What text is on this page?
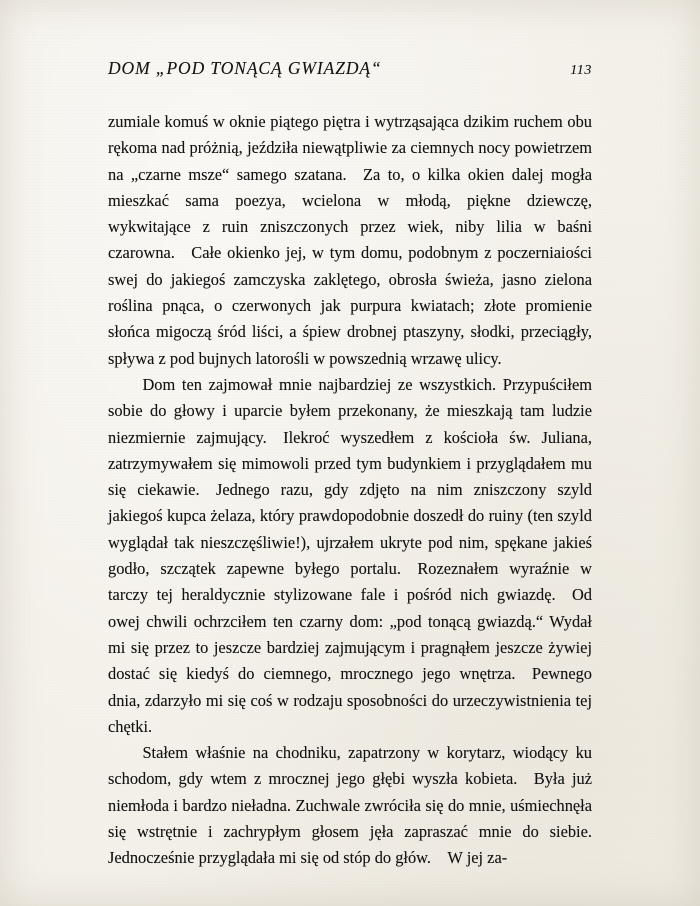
DOM „POD TONĄCĄ GWIAZDĄ“	113

zumiale komuś w oknie piątego piętra i wytrząsająca dzikim ruchem obu rękoma nad próżnią, jeździła niewątpliwie za ciemnych nocy powietrzem na „czarne msze“ samego szatana. Za to, o kilka okien dalej mogła mieszkać sama poezya, wcielona w młodą, piękne dziewczę, wykwitające z ruin zniszczonych przez wiek, niby lilia w baśni czarowna. Całe okienko jej, w tym domu, podobnym z poczerniaiości swej do jakiegoś zamczyska zaklętego, obrosła świeża, jasno zielona roślina pnąca, o czerwonych jak purpura kwiatach; złote promienie słońca migoczą śród liści, a śpiew drobnej ptaszyny, słodki, przeciągły, spływa z pod bujnych latorośli w powszednią wrzawę ulicy.

Dom ten zajmował mnie najbardziej ze wszystkich. Przypuściłem sobie do głowy i uparcie byłem przekonany, że mieszkają tam ludzie niezmiernie zajmujący. Ilekroć wyszedłem z kościoła św. Juliana, zatrzymywałem się mimowoli przed tym budynkiem i przyglądałem mu się ciekawie. Jednego razu, gdy zdjęto na nim zniszczony szyld jakiegoś kupca żelaza, który prawdopodobnie doszedł do ruiny (ten szyld wyglądał tak nieszczęśliwie!), ujrzałem ukryte pod nim, spękane jakieś godło, szczątek zapewne byłego portalu. Rozeznałem wyraźnie w tarczy tej heraldycznie stylizowane fale i pośród nich gwiazdę. Od owej chwili ochrzciłem ten czarny dom: „pod tonącą gwiazdą.“ Wydał mi się przez to jeszcze bardziej zajmującym i pragnąłem jeszcze żywiej dostać się kiedyś do ciemnego, mrocznego jego wnętrza. Pewnego dnia, zdarzyło mi się coś w rodzaju sposobności do urzeczywistnienia tej chętki.

Stałem właśnie na chodniku, zapatrzony w korytarz, wiodący ku schodom, gdy wtem z mrocznej jego głębi wyszła kobieta. Była już niemłoda i bardzo nieładna. Zuchwale zwróciła się do mnie, uśmiechnęła się wstrętnie i zachrypłym głosem jęła zapraszać mnie do siebie. Jednocześnie przyglądała mi się od stóp do głów. W jej za-
